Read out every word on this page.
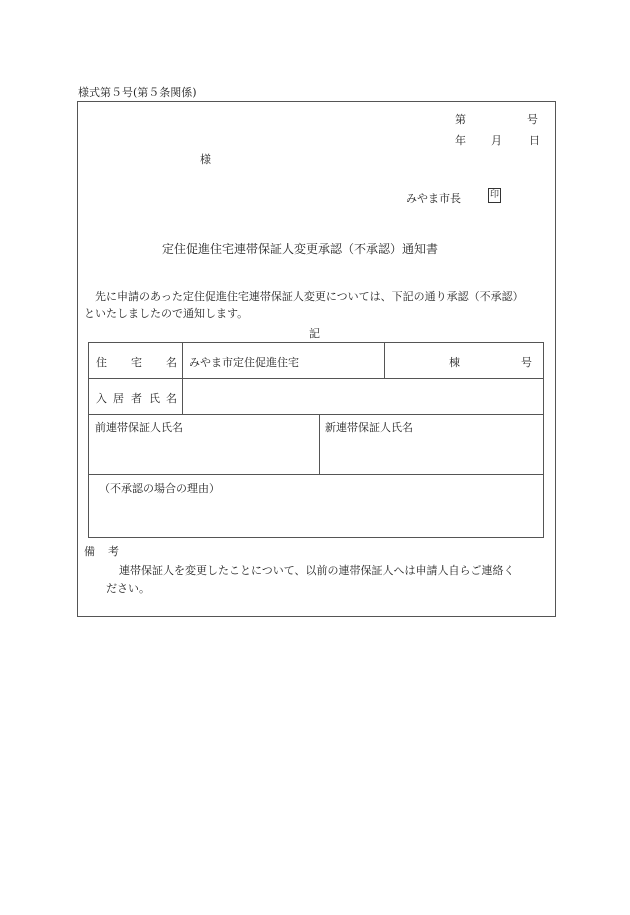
様式第５号(第５条関係)
第	号
年 月 日
様
みやま市長	印
定住促進住宅連帯保証人変更承認（不承認）通知書
先に申請のあった定住促進住宅連帯保証人変更については、下記の通り承認（不承認）
といたしましたので通知します。
記
住 宅 名 みやま市定住促進住宅	棟	号
入 居 者 氏 名
前連帯保証人氏名	新連帯保証人氏名
（不承認の場合の理由）
備 考
連帯保証人を変更したことについて、以前の連帯保証人へは申請人自らご連絡く
ださい。
